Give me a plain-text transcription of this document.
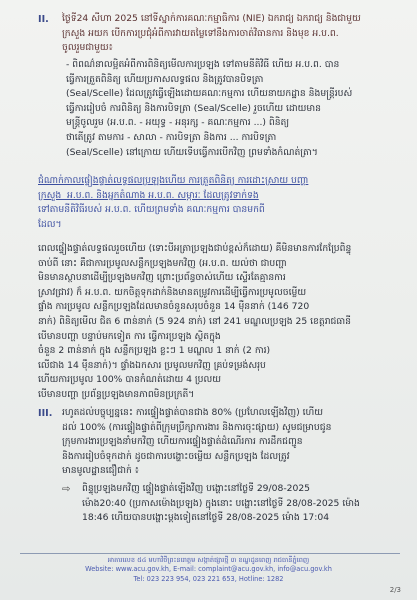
II. ថ្ងៃទី24 សីហា 2025 នៅទីស្នាក់ការគណៈកម្មាធិការ (NIE) ឯករាជ្យ ឯករាជ្យ និងជាមួយ
ក្រសួង អយក បើកការប្រជុំ​អំពីការ​វាយតម្លៃ​ទៅនឹងការចាត់វិធានការ និងមុខ អ.ប.ព.
ចូលរួមជាមួយ៖
- ពិពណ៌នាលម្អិតអំពីការពិនិត្យមើលការប្រឡង ទៅតាមនីតិវិធី ហើយ អ.ប.ព. បាន
ធ្វើការត្រួតពិនិត្យ ហើយប្រកាសលទ្ធផល និងត្រូវបានបិទត្រា
(Seal/Scelle) ដែលត្រូវធ្វើឡើងដោយគណៈកម្មការ ហើយនាយកដ្ឋាន និងមន្ត្រីរបស់
ធ្វើការរៀបចំ ការពិនិត្យ និងការបិទត្រា (Seal/Scelle) រួចហើយ ដោយមាន
មន្ត្រីចូលរួម (អ.ប.ព. - អយុទ្ធ - អនុរក្ស - គណៈកម្មការ ...) ពិនិត្យ
ថាតើត្រូវ តាមការ - សាលា - ការបិទត្រា និងការ ... ការបិទត្រា
(Seal/Scelle) នៅក្រោយ ហើយទើបធ្វើការបើកវិញ ព្រមទាំងកំណត់ត្រា។
ជំណាក់កាលផ្ទៀងផ្ទាត់លទ្ធផលប្រឡងហើយ ការត្រួតពិនិត្យ ការដោះស្រាយ បញ្ហា
ក្រសួង ​ អ.ប.ព. និងអ្នកតំណាង អ.ប.ព. សម្ភារៈ ដែលត្រូវទាក់ទង
ទៅតាមនីតិវិធីរបស់ អ.ប.ព. ហើយព្រមទាំង គណៈកម្មការ បានមកពី
ដែល។
ពេលផ្ទៀងផ្ទាត់លទ្ធផលរួចហើយ (ទោះបីអត្រាប្រឡងជាប់ខ្ពស់ក៏ដោយ) គឺមិនមានការកែប្រែពិន្ទុ
ចាប់ពី នោះ គឺជាការប្រមូលសន្លឹកប្រឡងមកវិញ (អ.ប.ព. យល់ថា ជាបញ្ហា
មិនមានស្ថាបនាដើម្បីប្រឡងមកវិញ ព្រោះប្រព័ន្ធចាស់ហើយ ស្ទើរតែគ្មានការ
ស្រាវជ្រាវ) ក៏ អ.ប.ព. យកចិត្តទុកដាក់និងមានតម្រូវការដើម្បីធ្វើការប្រមូលចម្លើយ
ផ្ទាំង ការប្រមូល សន្លឹកប្រឡងដែលមានចំនួនសរុបចំនួន 14 ម៉ឺននាក់ (146 720
នាក់) ពិនិត្យមើល ជិត 6 ពាន់នាក់ (5 924 នាក់) នៅ 241 មណ្ឌលប្រឡង 25 ខេត្តរាជធានី
បើមានបញ្ហា បន្ទាប់មកទៀត ការ ធ្វើការប្រឡង ស្ថិតក្នុង
ចំនួន 2 ពាន់នាក់ ក្នុង សន្លឹកប្រឡង ខ្លះៗ 1 មណ្ឌល 1 នាក់ (2 ការ)
លើជាង 14 ម៉ឺននាក់)។ ផ្ទាំងឯកសារ ប្រមូលមកវិញ គ្រប់ទម្រង់សរុប
ហើយការប្រមូល 100% បានកំណត់ដោយ 4 ប្រលយ
បើមានបញ្ហា ប្រព័ន្ធប្រឡងមានភាពមិនប្រក្រតី។
III. រហូតដល់បច្ចុប្បន្ននេះ ការផ្ទៀងផ្ទាត់បានជាង 80% (ប្រហែលឡើងវិញ) ហើយ
ដល់ 100% (ការផ្ទៀងផ្ទាត់ពីក្រុមប្រឹក្សាការងារ និងការចុះផ្សាយ) សូមជម្រាបជូន
ក្រុមការងារប្រឡងនាំមកវិញ ហើយការផ្ទៀងផ្ទាត់ដំណើរការ ការដឹកជញ្ជូន
និងការរៀបចំទុកដាក់ ដូចជាការបង្ហោះចម្លើយ សន្លឹកប្រឡង ដែលត្រូវ
មានមូលដ្ឋានជឿជាក់ ៖
⇨ ពិន្ទុប្រឡងមកវិញ ផ្ទៀងផ្ទាត់ឡើងវិញ បង្ហោះនៅថ្ងៃទី 29/08-2025
ម៉ោង20:40 (ប្រកាសម៉ោងប្រឡង) ក្នុងនោះ បង្ហោះនៅថ្ងៃទី 28/08-2025 ម៉ោង
18:46 ហើយបានបង្ហោះម្តងទៀតនៅថ្ងៃទី 28/08-2025 ម៉ោង 17:04
អាគារលេខ ៥៤ មហាវិថីព្រះនរោត្តម សង្កាត់ផ្សារថ្មី ៣ ខណ្ឌដូនពេញ រាជធានីភ្នំពេញ
Website: www.acu.gov.kh, E-mail: complaint@acu.gov.kh, info@acu.gov.kh
Tel: 023 223 954, 023 221 653, Hotline: 1282
2/3
